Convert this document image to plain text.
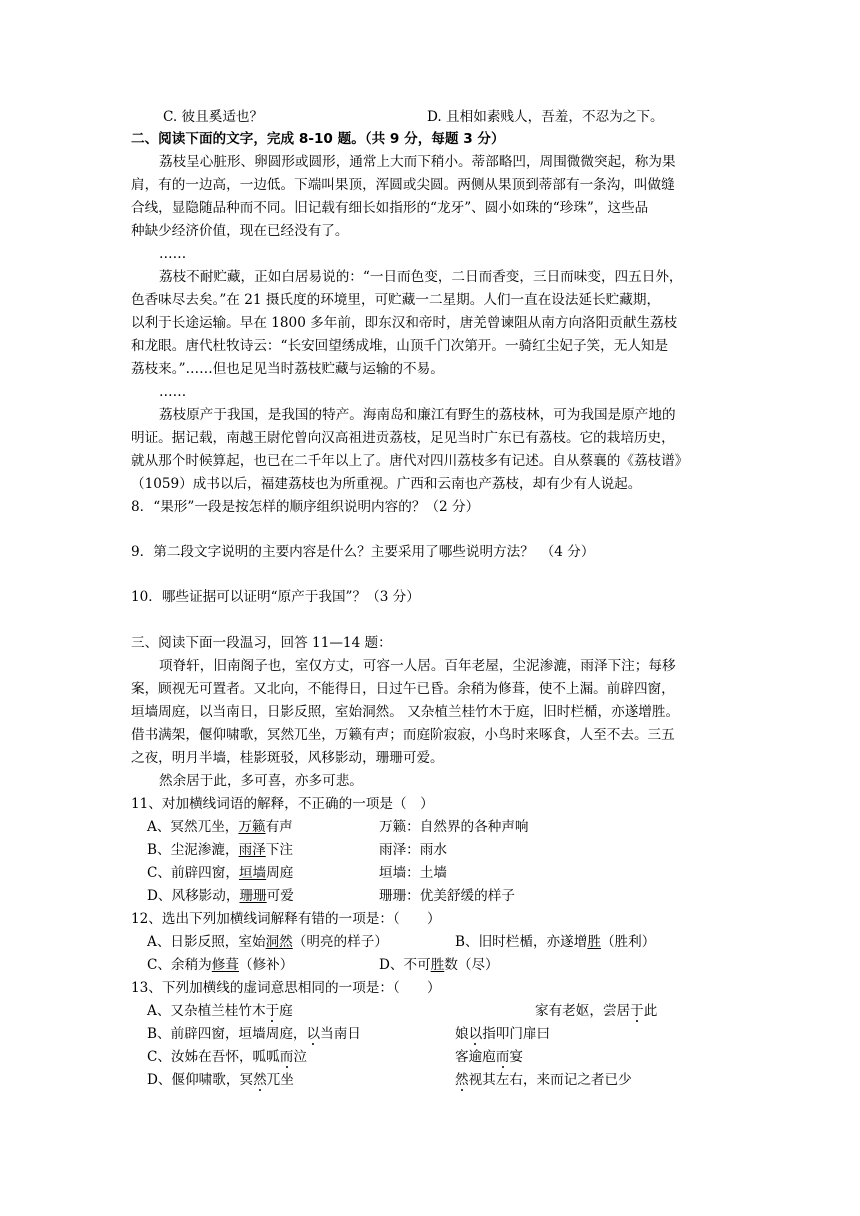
C. 彼且奚适也？	D. 且相如素贱人，吾羞，不忍为之下。
二、阅读下面的文字，完成 8-10 题。（共 9 分，每题 3 分）
荔枝呈心脏形、卵圆形或圆形，通常上大而下稍小。蒂部略凹，周围微微突起，称为果
肩，有的一边高，一边低。下端叫果顶，浑圆或尖圆。两侧从果顶到蒂部有一条沟，叫做缝
合线，显隐随品种而不同。旧记载有细长如指形的“龙牙”、圆小如珠的“珍珠”，这些品
种缺少经济价值，现在已经没有了。
……
荔枝不耐贮藏，正如白居易说的：“一日而色变，二日而香变，三日而味变，四五日外，
色香味尽去矣。”在 21 摄氏度的环境里，可贮藏一二星期。人们一直在设法延长贮藏期，
以利于长途运输。早在 1800 多年前，即东汉和帝时，唐羌曾谏阻从南方向洛阳贡献生荔枝
和龙眼。唐代杜牧诗云：“长安回望绣成堆，山顶千门次第开。一骑红尘妃子笑，无人知是
荔枝来。”……但也足见当时荔枝贮藏与运输的不易。
……
荔枝原产于我国，是我国的特产。海南岛和廉江有野生的荔枝林，可为我国是原产地的
明证。据记载，南越王尉佗曾向汉高祖进贡荔枝，足见当时广东已有荔枝。它的栽培历史，
就从那个时候算起，也已在二千年以上了。唐代对四川荔枝多有记述。自从蔡襄的《荔枝谱》
（1059）成书以后，福建荔枝也为所重视。广西和云南也产荔枝，却有少有人说起。
8．“果形”一段是按怎样的顺序组织说明内容的？（2 分）
9．第二段文字说明的主要内容是什么？主要采用了哪些说明方法？　（4 分）
10．哪些证据可以证明“原产于我国”？（3 分）
三、阅读下面一段温习，回答 11—14 题：
项脊轩，旧南阁子也，室仅方丈，可容一人居。百年老屋，尘泥渗漉，雨泽下注；每移
案，顾视无可置者。又北向，不能得日，日过午已昏。余稍为修葺，使不上漏。前辟四窗，
垣墙周庭，以当南日，日影反照，室始洞然。 又杂植兰桂竹木于庭，旧时栏楯，亦遂增胜。
借书满架，偃仰啸歌，冥然兀坐，万籁有声；而庭阶寂寂，小鸟时来啄食，人至不去。三五
之夜，明月半墙，桂影斑驳，风移影动，珊珊可爱。
然余居于此，多可喜，亦多可悲。
11、对加横线词语的解释，不正确的一项是（　）
A、冥然兀坐，万籁有声	万籁：自然界的各种声响
B、尘泥渗漉，雨泽下注	雨泽：雨水
C、前辟四窗，垣墙周庭	垣墙：土墙
D、风移影动，珊珊可爱	珊珊：优美舒缓的样子
12、选出下列加横线词解释有错的一项是：（　　）
A、日影反照，室始洞然（明亮的样子）	B、旧时栏楯，亦遂增胜（胜利）
C、余稍为修葺（修补）	D、不可胜数（尽）
13、下列加横线的虚词意思相同的一项是：（　　）
A、又杂植兰桂竹木于庭	家有老妪，尝居于此
B、前辟四窗，垣墙周庭，以当南日	娘以指叩门扉曰
C、汝姊在吾怀，呱呱而泣	客逾庖而宴
D、偃仰啸歌，冥然兀坐	然视其左右，来而记之者已少
